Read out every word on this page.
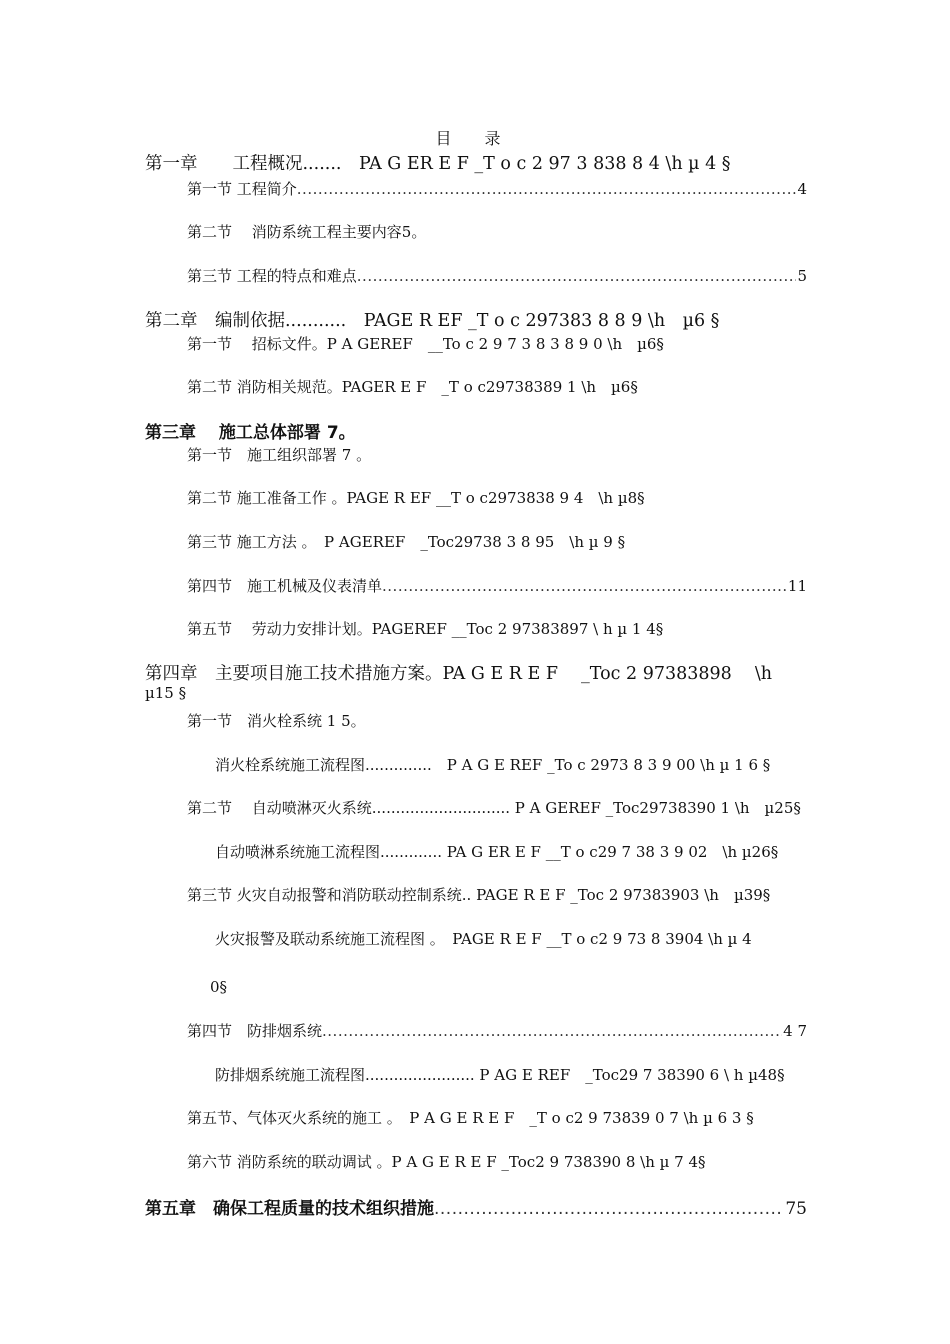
目 录
第一章　　工程概况.......　PA G ER E F _T o c 2 97 3 838 8 4 \h µ 4 §
第一节 工程简介 .....	4
第二节　 消防系统工程主要内容5。
第三节 工程的特点和难点 .....	5
第二章　编制依据...........　PAGE R EF _T o c 297383 8 8 9 \h　µ6 §
第一节　 招标文件。P A GEREF　__To c 2 9 7 3 8 3 8 9 0 \h　µ6§
第二节 消防相关规范。PAGER E F　_T o c29738389 1 \h　µ6§
第三章　 施工总体部署 7。
第一节　施工组织部署 7 。
第二节 施工准备工作 。PAGE R EF __T o c2973838 9 4　\h µ8§
第三节 施工方法 。　P AGEREF　_Toc29738 3 8 95　\h µ 9 §
第四节　施工机械及仪表清单 .....	11
第五节　 劳动力安排计划。PAGEREF __Toc 2 97383897 \ h µ 1 4§
第四章　主要项目施工技术措施方案。PA G E R E F　 _Toc 2 97383898　 \h
µ15 §
第一节　消火栓系统 1 5。
消火栓系统施工流程图..............　P A G E REF _To c 2973 8 3 9 00 \h µ 1 6 §
第二节　 自动喷淋灭火系统............................. P A GEREF _Toc29738390 1 \h　µ25§
自动喷淋系统施工流程图............. PA G ER E F __T o c29 7 38 3 9 02　\h µ26§
第三节 火灾自动报警和消防联动控制系统.. PAGE R E F _Toc 2 97383903 \h　µ39§
火灾报警及联动系统施工流程图 。　PAGE R E F __T o c2 9 73 8 3904 \h µ 4
0§
第四节　防排烟系统 .....	4 7
防排烟系统施工流程图....................... P AG E REF　_Toc29 7 38390 6 \ h µ48§
第五节、气体灭火系统的施工 。　P A G E R E F　_T o c2 9 73839 0 7 \h µ 6 3 §
第六节 消防系统的联动调试 。P A G E R E F _Toc2 9 738390 8 \h µ 7 4§
第五章　确保工程质量的技术组织措施 .....	75
